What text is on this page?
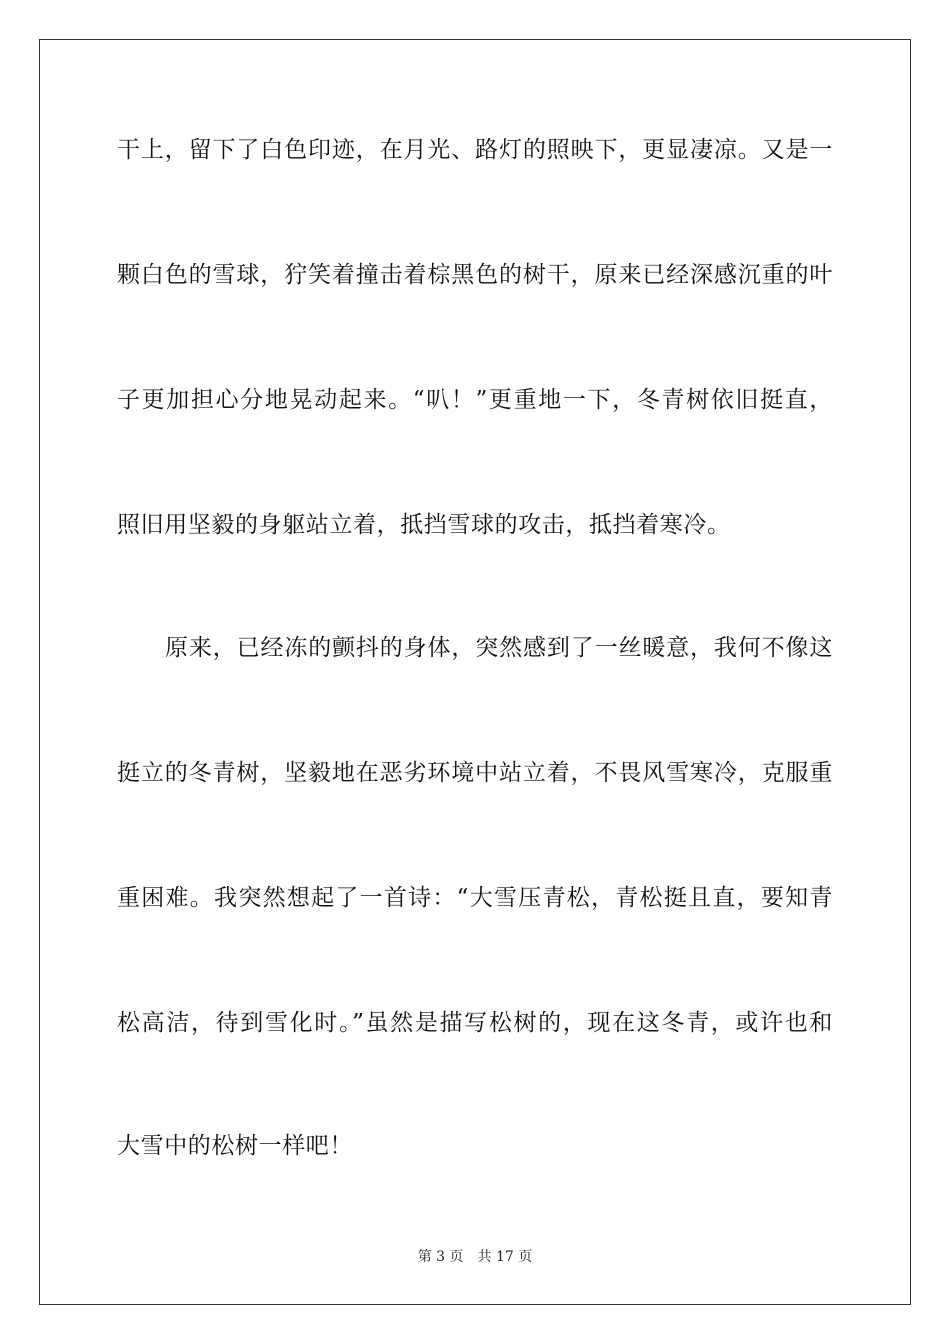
干上，留下了白色印迹，在月光、路灯的照映下，更显凄凉。又是一
颗白色的雪球，狞笑着撞击着棕黑色的树干，原来已经深感沉重的叶
子更加担心分地晃动起来。“叭！”更重地一下，冬青树依旧挺直，
照旧用坚毅的身躯站立着，抵挡雪球的攻击，抵挡着寒冷。
原来，已经冻的颤抖的身体，突然感到了一丝暖意，我何不像这
挺立的冬青树，坚毅地在恶劣环境中站立着，不畏风雪寒冷，克服重
重困难。我突然想起了一首诗：“大雪压青松，青松挺且直，要知青
松高洁，待到雪化时。”虽然是描写松树的，现在这冬青，或许也和
大雪中的松树一样吧！
第 3 页 共 17 页
